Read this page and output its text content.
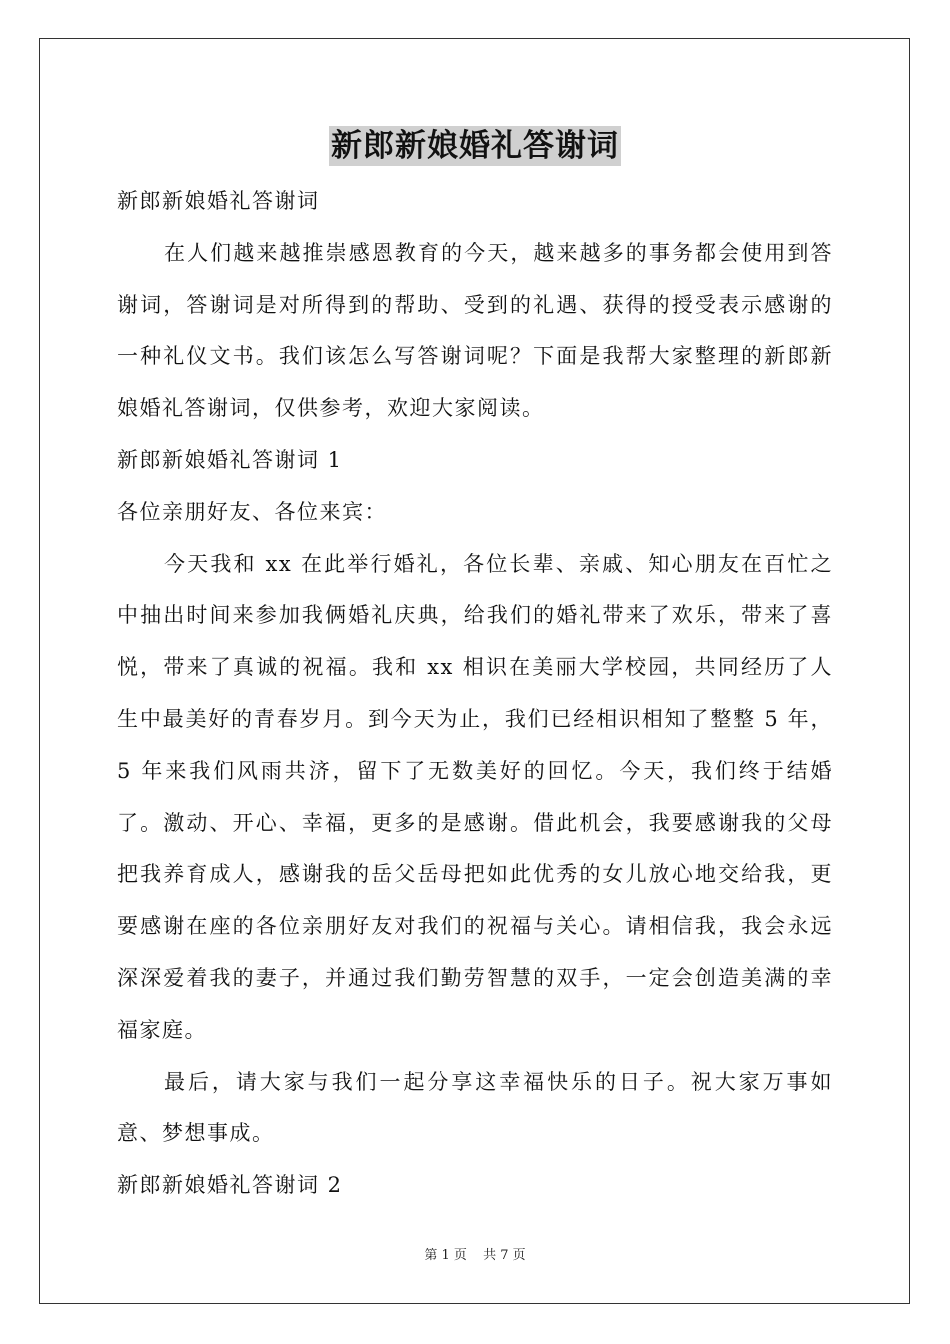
新郎新娘婚礼答谢词

新郎新娘婚礼答谢词

在人们越来越推崇感恩教育的今天，越来越多的事务都会使用到答谢词，答谢词是对所得到的帮助、受到的礼遇、获得的授受表示感谢的一种礼仪文书。我们该怎么写答谢词呢？下面是我帮大家整理的新郎新娘婚礼答谢词，仅供参考，欢迎大家阅读。

新郎新娘婚礼答谢词 1

各位亲朋好友、各位来宾：

今天我和 xx 在此举行婚礼，各位长辈、亲戚、知心朋友在百忙之中抽出时间来参加我俩婚礼庆典，给我们的婚礼带来了欢乐，带来了喜悦，带来了真诚的祝福。我和 xx 相识在美丽大学校园，共同经历了人生中最美好的青春岁月。到今天为止，我们已经相识相知了整整 5 年，5 年来我们风雨共济，留下了无数美好的回忆。今天，我们终于结婚了。激动、开心、幸福，更多的是感谢。借此机会，我要感谢我的父母把我养育成人，感谢我的岳父岳母把如此优秀的女儿放心地交给我，更要感谢在座的各位亲朋好友对我们的祝福与关心。请相信我，我会永远深深爱着我的妻子，并通过我们勤劳智慧的双手，一定会创造美满的幸福家庭。

最后，请大家与我们一起分享这幸福快乐的日子。祝大家万事如意、梦想事成。

新郎新娘婚礼答谢词 2

第 1 页 共 7 页
